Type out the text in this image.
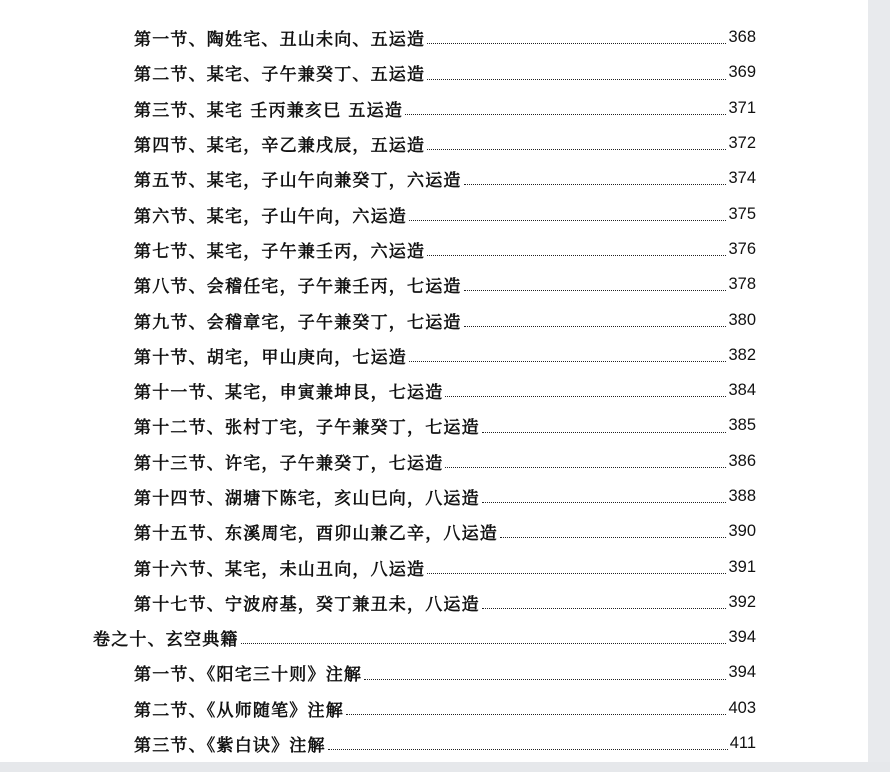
第一节、陶姓宅、丑山未向、五运造	368
第二节、某宅、子午兼癸丁、五运造	369
第三节、某宅 壬丙兼亥巳 五运造	371
第四节、某宅，辛乙兼戌辰，五运造	372
第五节、某宅，子山午向兼癸丁，六运造	374
第六节、某宅，子山午向，六运造	375
第七节、某宅，子午兼壬丙，六运造	376
第八节、会稽任宅，子午兼壬丙，七运造	378
第九节、会稽章宅，子午兼癸丁，七运造	380
第十节、胡宅，甲山庚向，七运造	382
第十一节、某宅，申寅兼坤艮，七运造	384
第十二节、张村丁宅，子午兼癸丁，七运造	385
第十三节、许宅，子午兼癸丁，七运造	386
第十四节、湖塘下陈宅，亥山巳向，八运造	388
第十五节、东溪周宅，酉卯山兼乙辛，八运造	390
第十六节、某宅，未山丑向，八运造	391
第十七节、宁波府基，癸丁兼丑未，八运造	392
卷之十、玄空典籍	394
第一节、《阳宅三十则》注解	394
第二节、《从师随笔》注解	403
第三节、《紫白诀》注解	411
